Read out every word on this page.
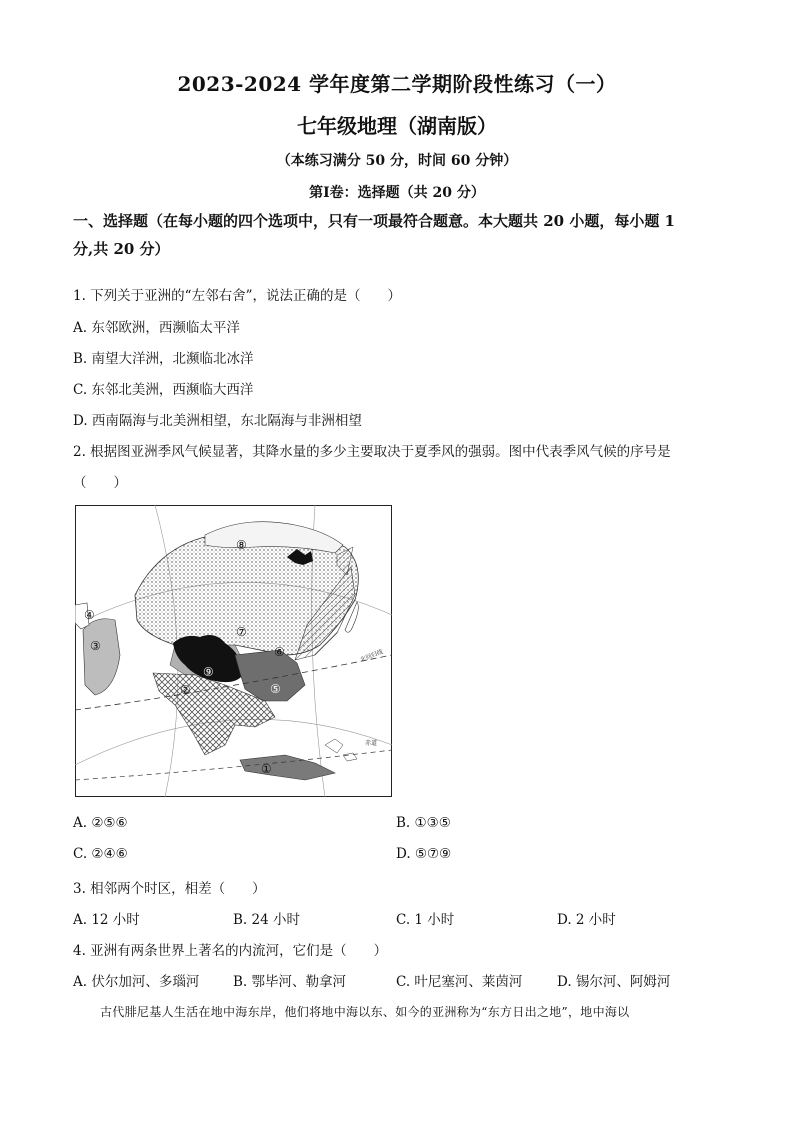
2023-2024 学年度第二学期阶段性练习（一）
七年级地理（湖南版）
（本练习满分 50 分，时间 60 分钟）
第Ⅰ卷：选择题（共 20 分）
一、选择题（在每小题的四个选项中，只有一项最符合题意。本大题共 20 小题，每小题 1
分,共 20 分）
1. 下列关于亚洲的“左邻右舍”，说法正确的是（　　）
A. 东邻欧洲，西濒临太平洋
B. 南望大洋洲，北濒临北冰洋
C. 东邻北美洲，西濒临大西洋
D. 西南隔海与北美洲相望，东北隔海与非洲相望
2. 根据图亚洲季风气候显著，其降水量的多少主要取决于夏季风的强弱。图中代表季风气候的序号是
（　　）
北回归线
赤道
⑧
⑦
④
③	⑥
⑨
②	⑤
①
A. ②⑤⑥	B. ①③⑤
C. ②④⑥	D. ⑤⑦⑨
3. 相邻两个时区，相差（　　）
A. 12 小时	B. 24 小时	C. 1 小时	D. 2 小时
4. 亚洲有两条世界上著名的内流河，它们是（　　）
A. 伏尔加河、多瑙河 B. 鄂毕河、勒拿河	C. 叶尼塞河、莱茵河	D. 锡尔河、阿姆河
古代腓尼基人生活在地中海东岸，他们将地中海以东、如今的亚洲称为“东方日出之地”，地中海以
